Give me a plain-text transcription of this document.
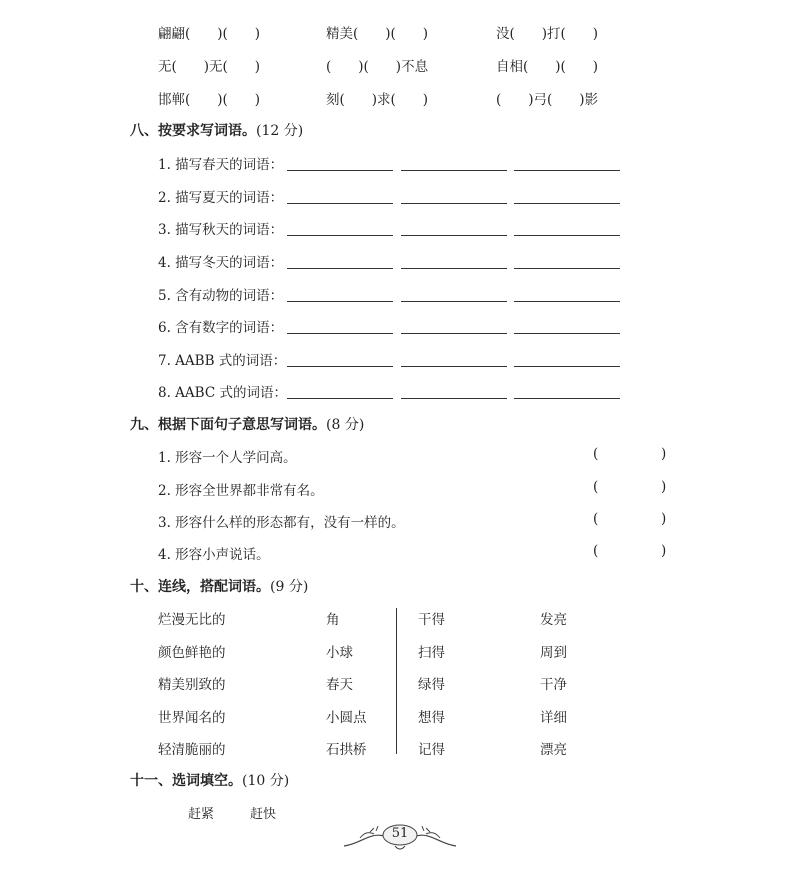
翩翩(　　)(　　)	精美(　　)(　　)	没(　　)打(　　)
无(　　)无(　　)	(　　)(　　)不息	自相(　　)(　　)
邯郸(　　)(　　)	刻(　　)求(　　)	(　　)弓(　　)影
八、按要求写词语。(12 分)
1. 描写春天的词语：
2. 描写夏天的词语：
3. 描写秋天的词语：
4. 描写冬天的词语：
5. 含有动物的词语：
6. 含有数字的词语：
7. AABB 式的词语：
8. AABC 式的词语：
九、根据下面句子意思写词语。(8 分)
1. 形容一个人学问高。	(	)
2. 形容全世界都非常有名。	(	)
3. 形容什么样的形态都有，没有一样的。	(	)
4. 形容小声说话。	(	)
十、连线，搭配词语。(9 分)
烂漫无比的	角	干得	发亮
颜色鲜艳的	小球	扫得	周到
精美别致的	春天	绿得	干净
世界闻名的	小圆点	想得	详细
轻清脆丽的	石拱桥	记得	漂亮
十一、选词填空。(10 分)
赶紧	赶快
51
